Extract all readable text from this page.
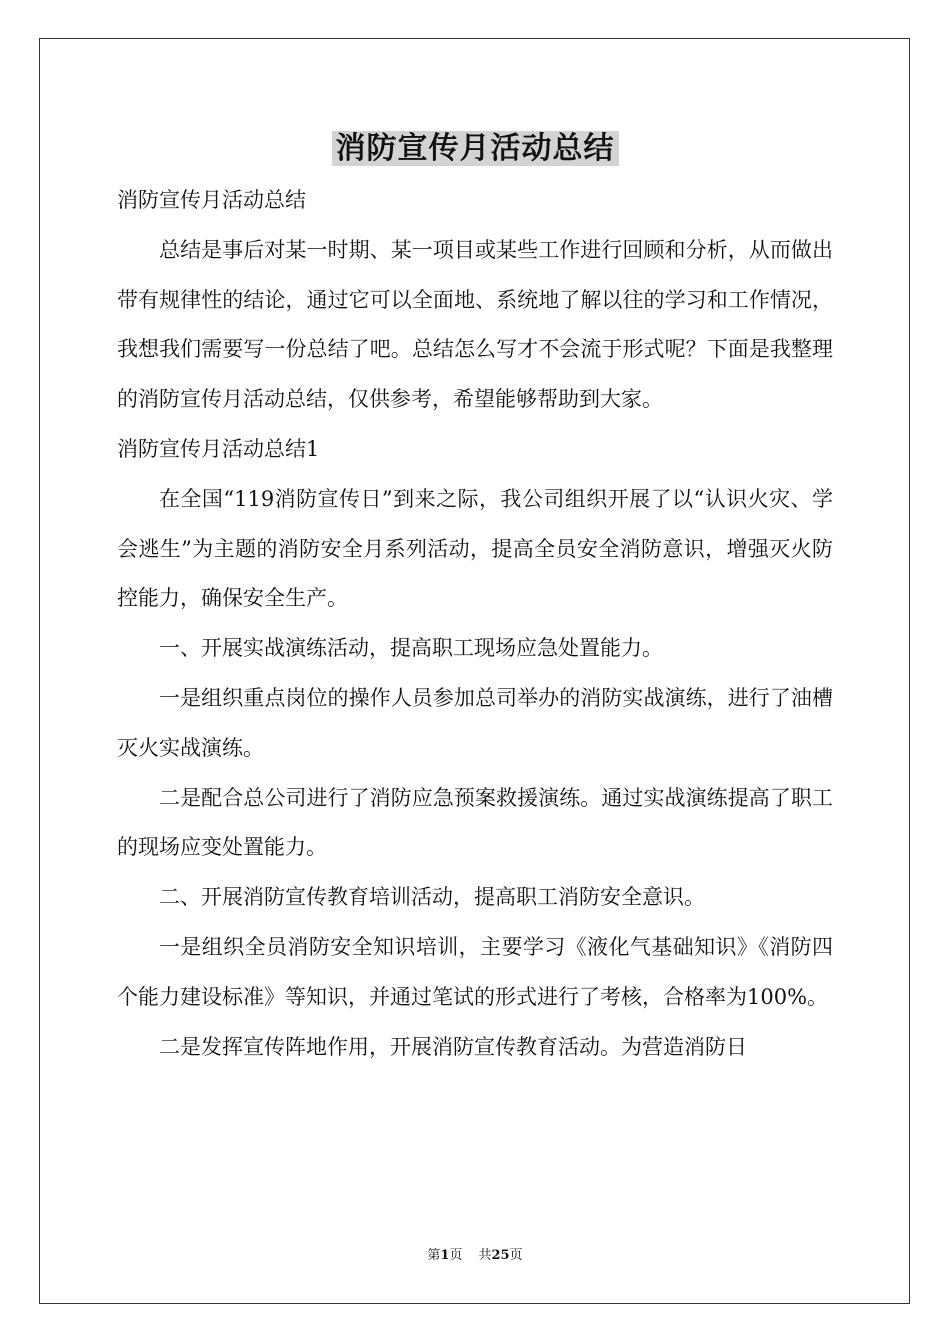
消防宣传月活动总结

消防宣传月活动总结

总结是事后对某一时期、某一项目或某些工作进行回顾和分析，从而做出带有规律性的结论，通过它可以全面地、系统地了解以往的学习和工作情况，我想我们需要写一份总结了吧。总结怎么写才不会流于形式呢？下面是我整理的消防宣传月活动总结，仅供参考，希望能够帮助到大家。

消防宣传月活动总结1

在全国“119消防宣传日”到来之际，我公司组织开展了以“认识火灾、学会逃生”为主题的消防安全月系列活动，提高全员安全消防意识，增强灭火防控能力，确保安全生产。

一、开展实战演练活动，提高职工现场应急处置能力。

一是组织重点岗位的操作人员参加总司举办的消防实战演练，进行了油槽灭火实战演练。

二是配合总公司进行了消防应急预案救援演练。通过实战演练提高了职工的现场应变处置能力。

二、开展消防宣传教育培训活动，提高职工消防安全意识。

一是组织全员消防安全知识培训，主要学习《液化气基础知识》《消防四个能力建设标准》等知识，并通过笔试的形式进行了考核，合格率为100%。

二是发挥宣传阵地作用，开展消防宣传教育活动。为营造消防日

第1页 共25页
